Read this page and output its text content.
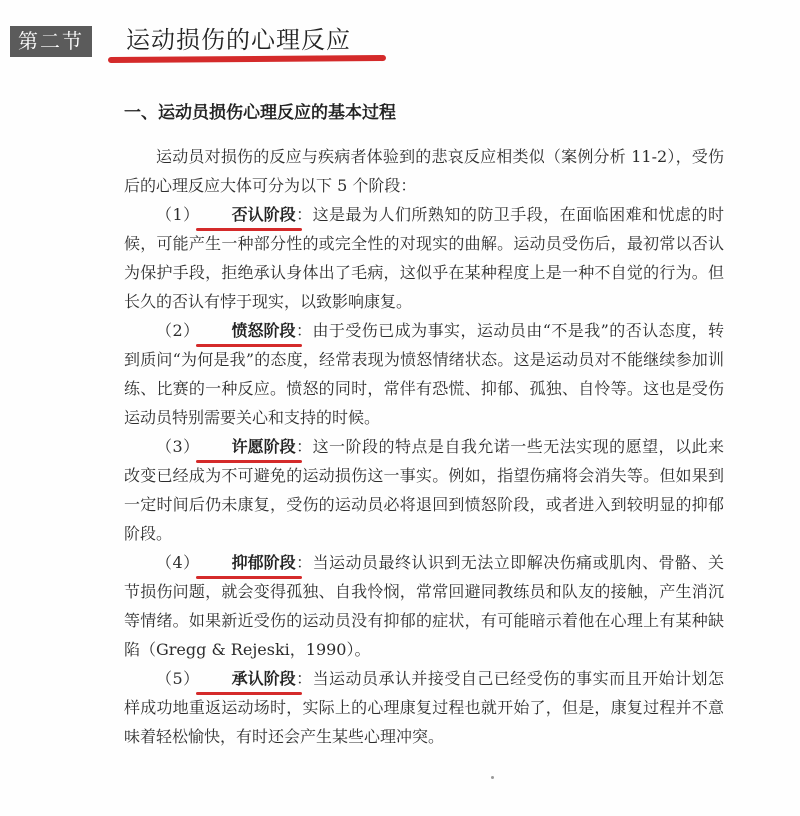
第二节	运动损伤的心理反应
一、运动员损伤心理反应的基本过程

运动员对损伤的反应与疾病者体验到的悲哀反应相类似（案例分析 11-2），受伤后的心理反应大体可分为以下 5 个阶段：

（1） 否认阶段：这是最为人们所熟知的防卫手段，在面临困难和忧虑的时候，可能产生一种部分性的或完全性的对现实的曲解。运动员受伤后，最初常以否认为保护手段，拒绝承认身体出了毛病，这似乎在某种程度上是一种不自觉的行为。但长久的否认有悖于现实，以致影响康复。

（2） 愤怒阶段：由于受伤已成为事实，运动员由“不是我”的否认态度，转到质问“为何是我”的态度，经常表现为愤怒情绪状态。这是运动员对不能继续参加训练、比赛的一种反应。愤怒的同时，常伴有恐慌、抑郁、孤独、自怜等。这也是受伤运动员特别需要关心和支持的时候。

（3） 许愿阶段：这一阶段的特点是自我允诺一些无法实现的愿望，以此来改变已经成为不可避免的运动损伤这一事实。例如，指望伤痛将会消失等。但如果到一定时间后仍未康复，受伤的运动员必将退回到愤怒阶段，或者进入到较明显的抑郁阶段。

（4） 抑郁阶段：当运动员最终认识到无法立即解决伤痛或肌肉、骨骼、关节损伤问题，就会变得孤独、自我怜悯，常常回避同教练员和队友的接触，产生消沉等情绪。如果新近受伤的运动员没有抑郁的症状，有可能暗示着他在心理上有某种缺陷（Gregg & Rejeski，1990）。

（5） 承认阶段：当运动员承认并接受自己已经受伤的事实而且开始计划怎样成功地重返运动场时，实际上的心理康复过程也就开始了，但是，康复过程并不意味着轻松愉快，有时还会产生某些心理冲突。
